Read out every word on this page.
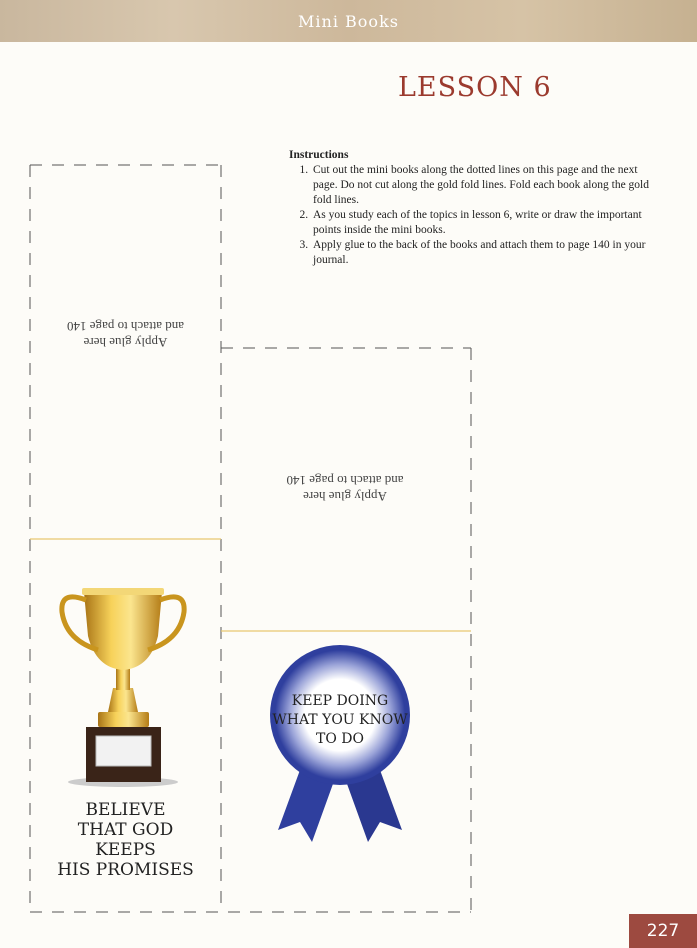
Mini Books
LESSON 6
Instructions
1. Cut out the mini books along the dotted lines on this page and the next page. Do not cut along the gold fold lines. Fold each book along the gold fold lines.
2. As you study each of the topics in lesson 6, write or draw the important points inside the mini books.
3. Apply glue to the back of the books and attach them to page 140 in your journal.
Apply glue here
and attach to page 140
Apply glue here
and attach to page 140
BELIEVE
THAT GOD
KEEPS
HIS PROMISES
KEEP DOING
WHAT YOU KNOW
TO DO
227
